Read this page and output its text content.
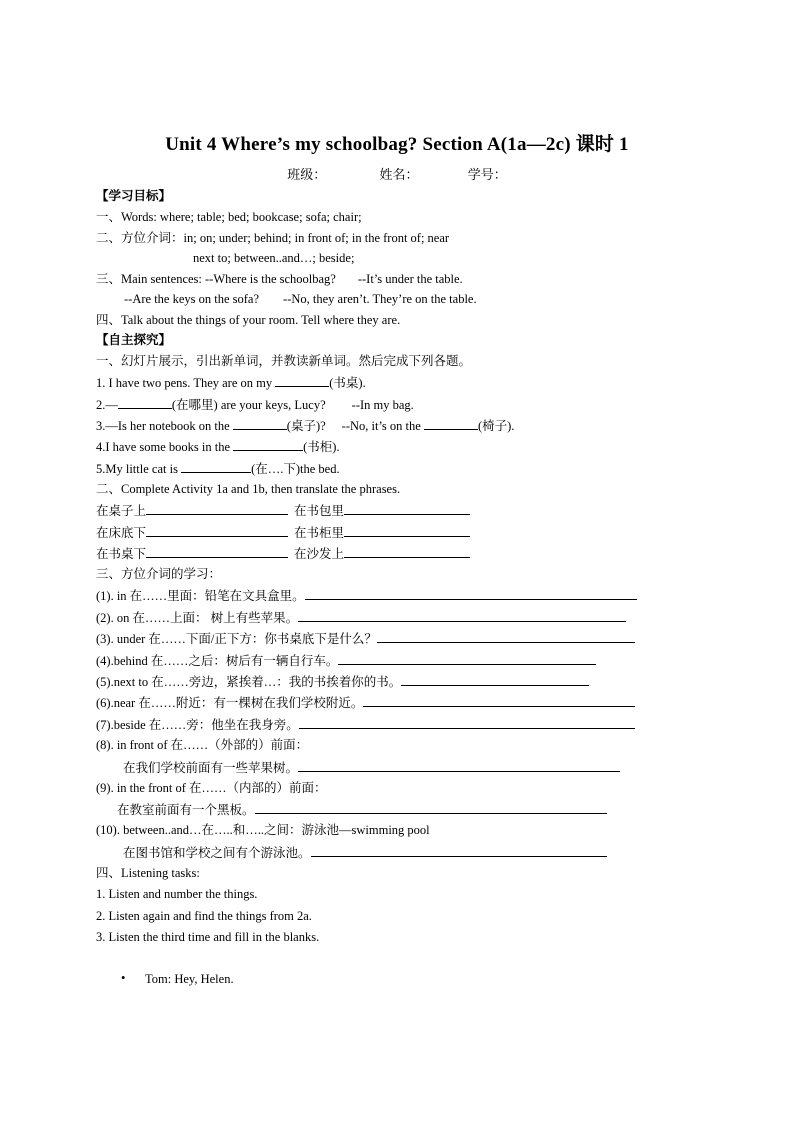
Unit 4 Where’s my schoolbag? Section A(1a—2c) 课时 1
班级：	姓名：	学号：
【学习目标】
一、Words: where; table; bed; bookcase; sofa; chair;
二、方位介词：in; on; under; behind; in front of; in the front of; near
next to; between..and…; beside;
三、Main sentences: --Where is the schoolbag? --It’s under the table.
--Are the keys on the sofa? --No, they aren’t. They’re on the table.
四、Talk about the things of your room. Tell where they are.
【自主探究】
一、幻灯片展示，引出新单词，并教读新单词。然后完成下列各题。
1. I have two pens. They are on my	(书桌).
2.—	(在哪里) are your keys, Lucy? --In my bag.
3.—Is her notebook on the	(桌子)? --No, it’s on the	(椅子).
4.I have some books in the	(书柜).
5.My little cat is	(在….下)the bed.
二、Complete Activity 1a and 1b, then translate the phrases.
在桌子上	在书包里
在床底下	在书柜里
在书桌下	在沙发上
三、方位介词的学习：
(1). in 在……里面：铅笔在文具盒里。
(2). on 在……上面： 树上有些苹果。
(3). under 在……下面/正下方：你书桌底下是什么？
(4).behind 在……之后：树后有一辆自行车。
(5).next to 在……旁边，紧挨着…：我的书挨着你的书。
(6).near 在……附近：有一棵树在我们学校附近。
(7).beside 在……旁：他坐在我身旁。
(8). in front of 在……（外部的）前面：
在我们学校前面有一些苹果树。
(9). in the front of 在……（内部的）前面：
在教室前面有一个黑板。
(10). between..and…在…..和…..之间：游泳池—swimming pool
在图书馆和学校之间有个游泳池。
四、Listening tasks:
1. Listen and number the things.
2. Listen again and find the things from 2a.
3. Listen the third time and fill in the blanks.
• Tom: Hey, Helen.
